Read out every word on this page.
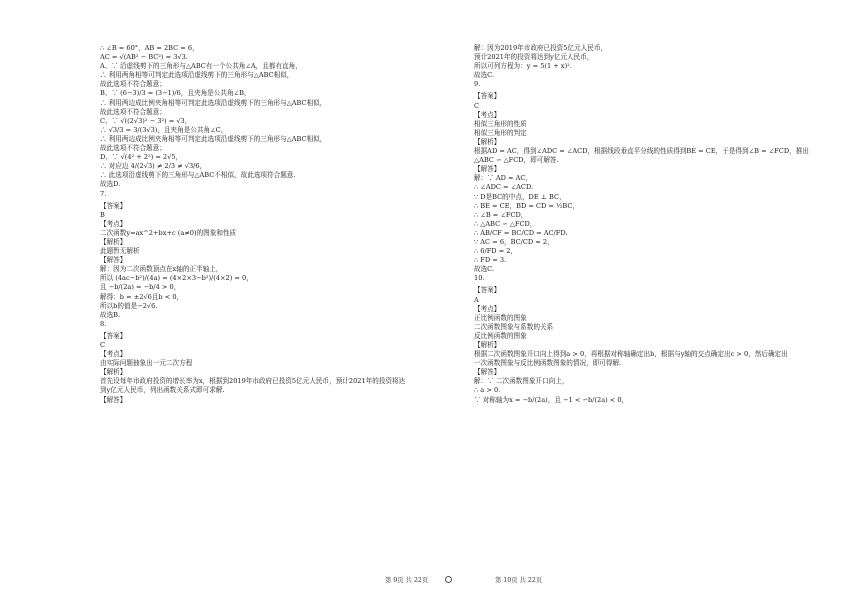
∴ ∠B = 60°，AB = 2BC = 6，
AC = √(AB² − BC²) = 3√3.
A、∵ 沿虚线剪下的三角形与△ABC有一个公共角∠A，且都有直角，
∴ 利用两角相等可判定此选项沿虚线剪下的三角形与△ABC相似，
故此选项不符合题意；
B、∵ (6−3)/3 = (3−1)/6，且夹角是公共角∠B，
∴ 利用两边成比例夹角相等可判定此选项沿虚线剪下的三角形与△ABC相似，
故此选项不符合题意；
C、∵ √((2√3)² − 3²) = √3，
∴ √3/3 = 3/(3√3)，且夹角是公共角∠C，
∴ 利用两边成比例夹角相等可判定此选项沿虚线剪下的三角形与△ABC相似，
故此选项不符合题意；
D、∵ √(4² + 2²) = 2√5，
∴ 对应边 4/(2√3) ≠ 2/3 ≠ √3/6，
∴ 此选项沿虚线剪下的三角形与△ABC不相似，故此选项符合题意.
故选D.
7.
【答案】
B
【考点】
二次函数y=ax^2+bx+c (a≠0)的图象和性质
【解析】
此题暂无解析
【解答】
解：因为二次函数顶点在x轴的正半轴上，
所以 (4ac−b²)/(4a) = (4×2×3−b²)/(4×2) = 0，
且 −b/(2a) = −b/4 > 0，
解得：b = ±2√6且b < 0，
所以b的值是−2√6.
故选B.
8.
【答案】
C
【考点】
由实际问题抽象出一元二次方程
【解析】
首先设每年市政府投资的增长率为x，根据到2019年市政府已投资5亿元人民币，预计2021年的投资将达
到y亿元人民币，列出函数关系式即可求解.
【解答】
解：因为2019年市政府已投资5亿元人民币，
预计2021年的投资将达到y亿元人民币，
所以可列方程为：y = 5(1 + x)².
故选C.
9.
【答案】
C
【考点】
相似三角形的性质
相似三角形的判定
【解析】
根据AD = AC，得到∠ADC = ∠ACD，根据线段垂直平分线的性质得到BE = CE，于是得到∠B = ∠FCD，推出
△ABC ∽ △FCD，即可解答.
【解答】
解：∵ AD = AC，
∴ ∠ADC = ∠ACD.
∵ D是BC的中点，DE ⊥ BC，
∴ BE = CE，BD = CD = ½BC，
∴ ∠B = ∠FCD，
∴ △ABC ∽ △FCD，
∴ AB/CF = BC/CD = AC/FD.
∵ AC = 6，BC/CD = 2，
∴ 6/FD = 2，
∴ FD = 3.
故选C.
10.
【答案】
A
【考点】
正比例函数的图象
二次函数图象与系数的关系
反比例函数的图象
【解析】
根据二次函数图象开口向上得到a > 0，再根据对称轴确定出b，根据与y轴的交点确定出c > 0，然后确定出
一次函数图象与反比例函数图象的情况，即可得解.
【解答】
解：∵ 二次函数图象开口向上，
∴ a > 0.
∵ 对称轴为x = −b/(2a)，且 −1 < −b/(2a) < 0，
第 9页 共 22页	第 10页 共 22页
